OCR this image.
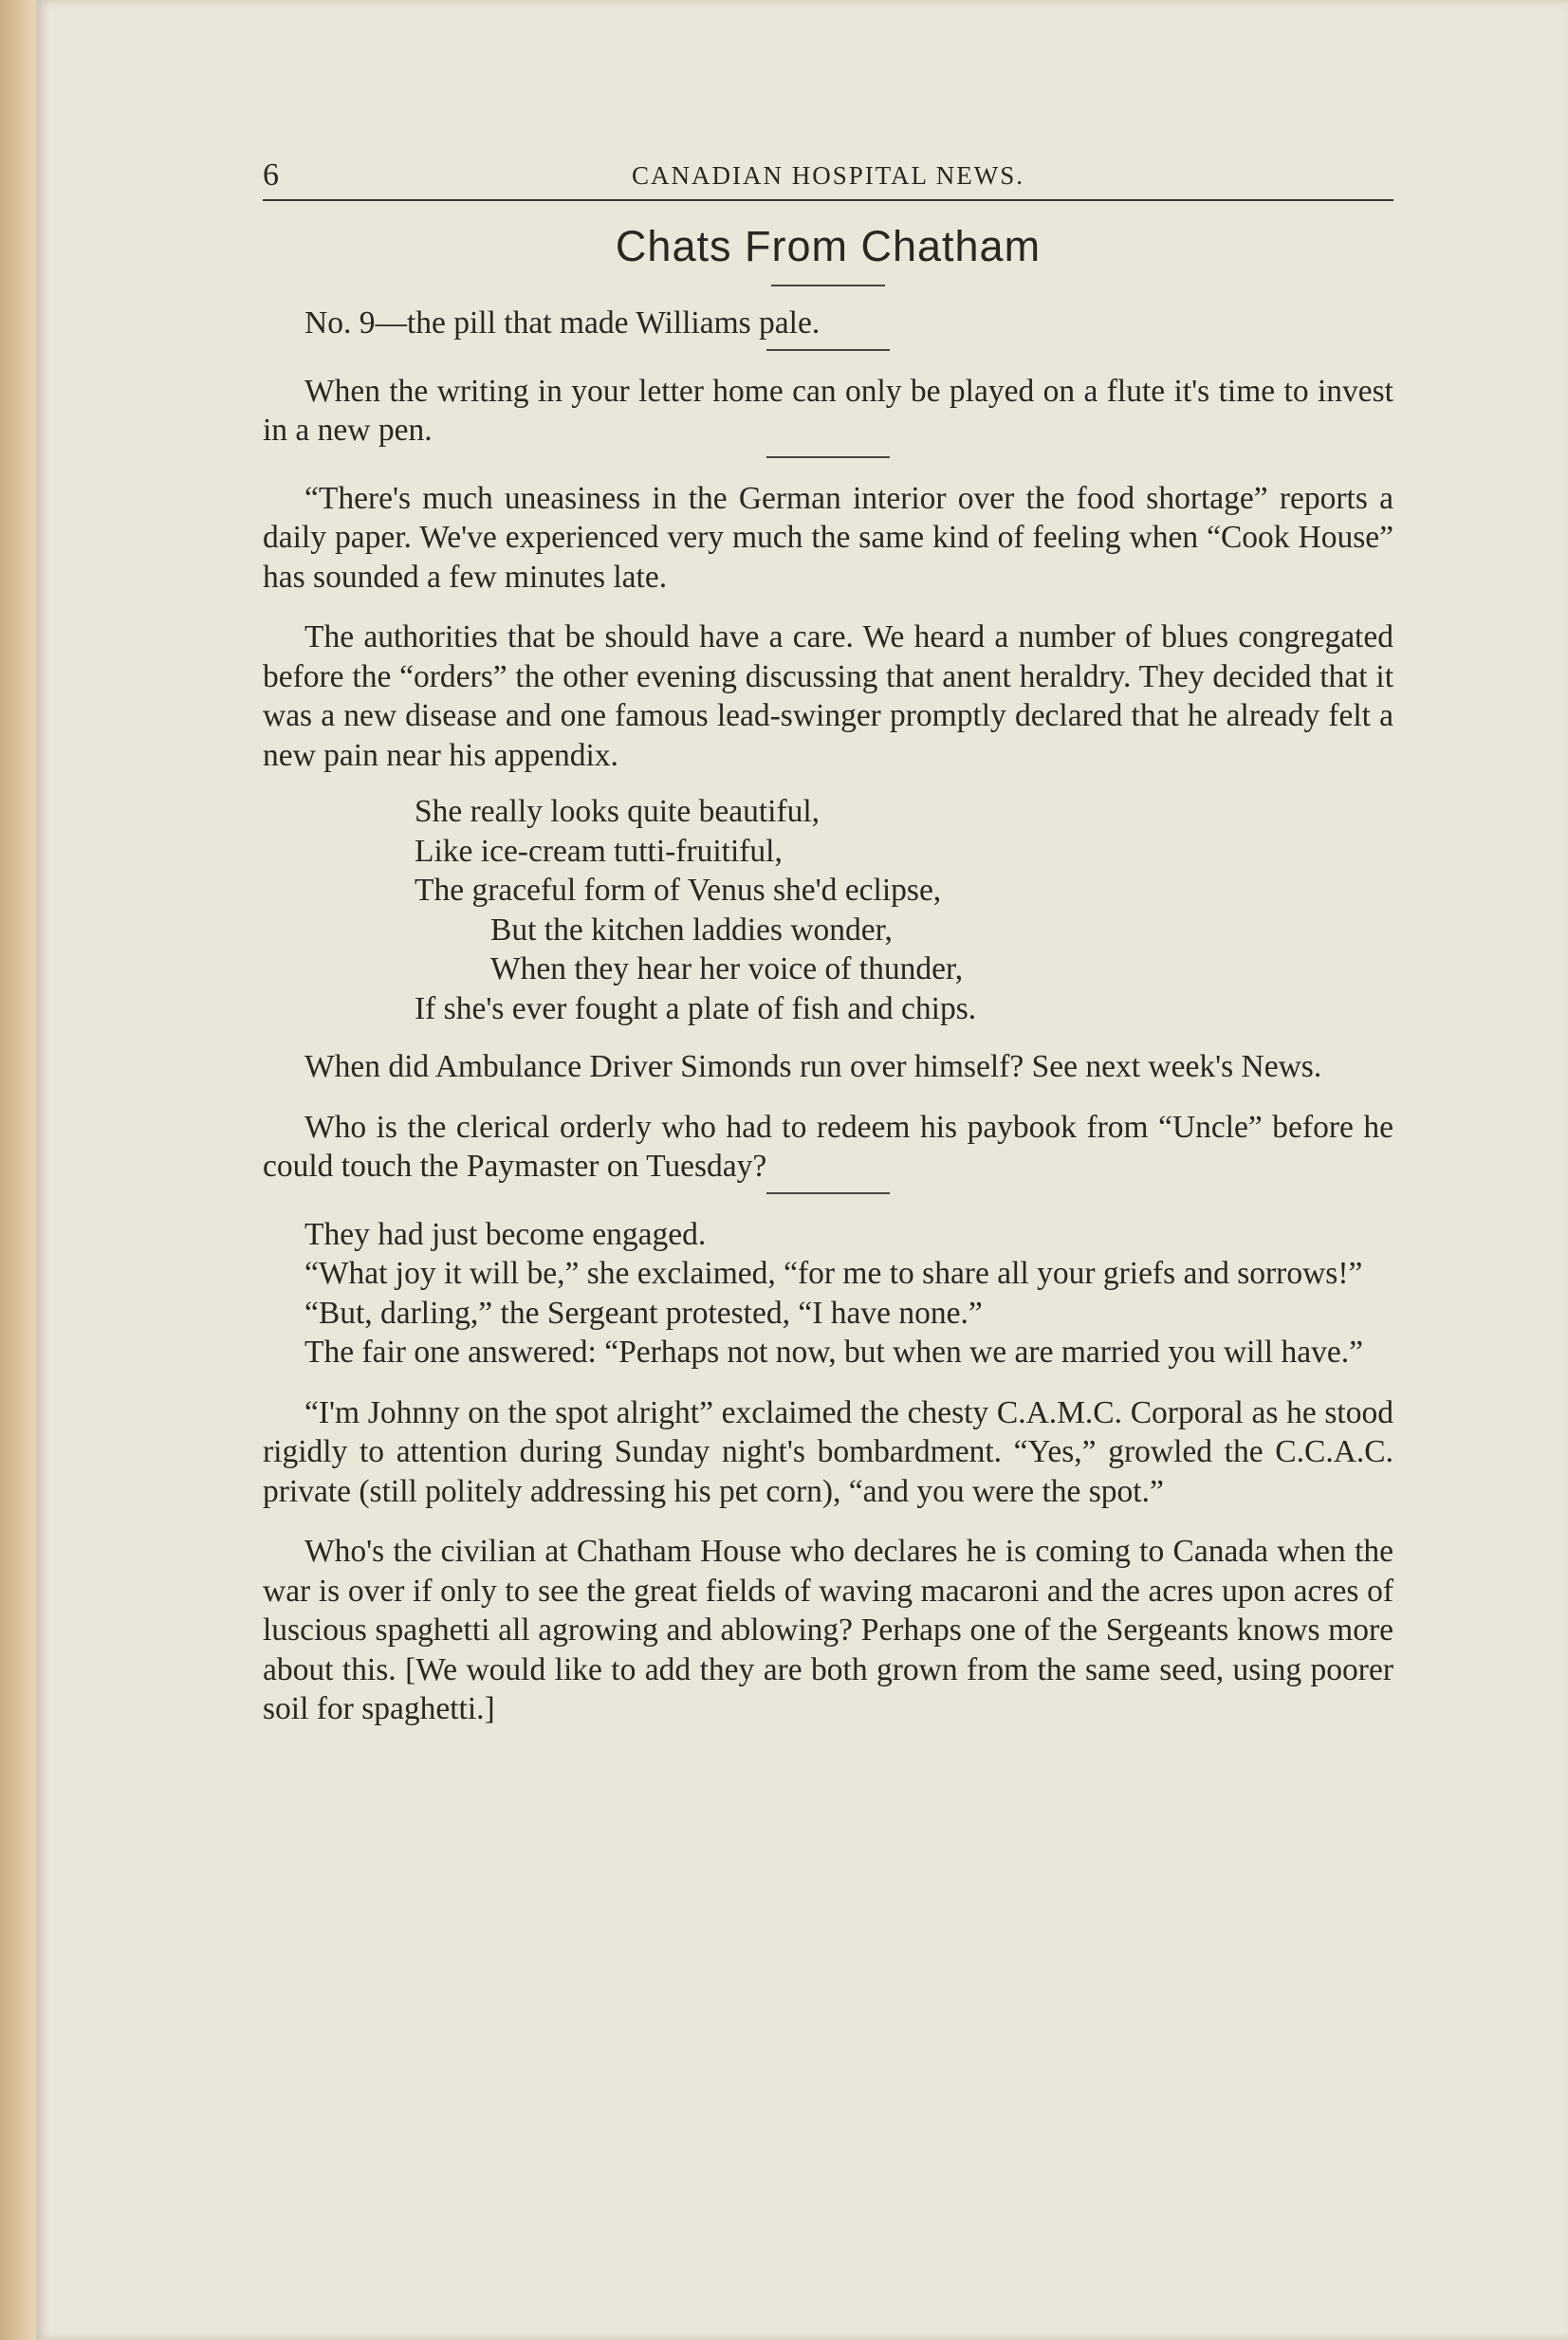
6	CANADIAN HOSPITAL NEWS.
Chats From Chatham

No. 9—the pill that made Williams pale.

When the writing in your letter home can only be played on a flute it's time to invest in a new pen.

“There's much uneasiness in the German interior over the food shortage” reports a daily paper. We've experienced very much the same kind of feeling when “Cook House” has sounded a few minutes late.

The authorities that be should have a care. We heard a number of blues congregated before the “orders” the other evening discussing that anent heraldry. They decided that it was a new disease and one famous lead-swinger promptly declared that he already felt a new pain near his appendix.

She really looks quite beautiful,
Like ice-cream tutti-fruitiful,
The graceful form of Venus she'd eclipse,
But the kitchen laddies wonder,
When they hear her voice of thunder,
If she's ever fought a plate of fish and chips.

When did Ambulance Driver Simonds run over himself? See next week's News.

Who is the clerical orderly who had to redeem his paybook from “Uncle” before he could touch the Paymaster on Tuesday?

They had just become engaged.

“What joy it will be,” she exclaimed, “for me to share all your griefs and sorrows!”

“But, darling,” the Sergeant protested, “I have none.”

The fair one answered: “Perhaps not now, but when we are married you will have.”

“I'm Johnny on the spot alright” exclaimed the chesty C.A.M.C. Corporal as he stood rigidly to attention during Sunday night's bombardment. “Yes,” growled the C.C.A.C. private (still politely addressing his pet corn), “and you were the spot.”

Who's the civilian at Chatham House who declares he is coming to Canada when the war is over if only to see the great fields of waving macaroni and the acres upon acres of luscious spaghetti all agrowing and ablowing? Perhaps one of the Sergeants knows more about this. [We would like to add they are both grown from the same seed, using poorer soil for spaghetti.]
